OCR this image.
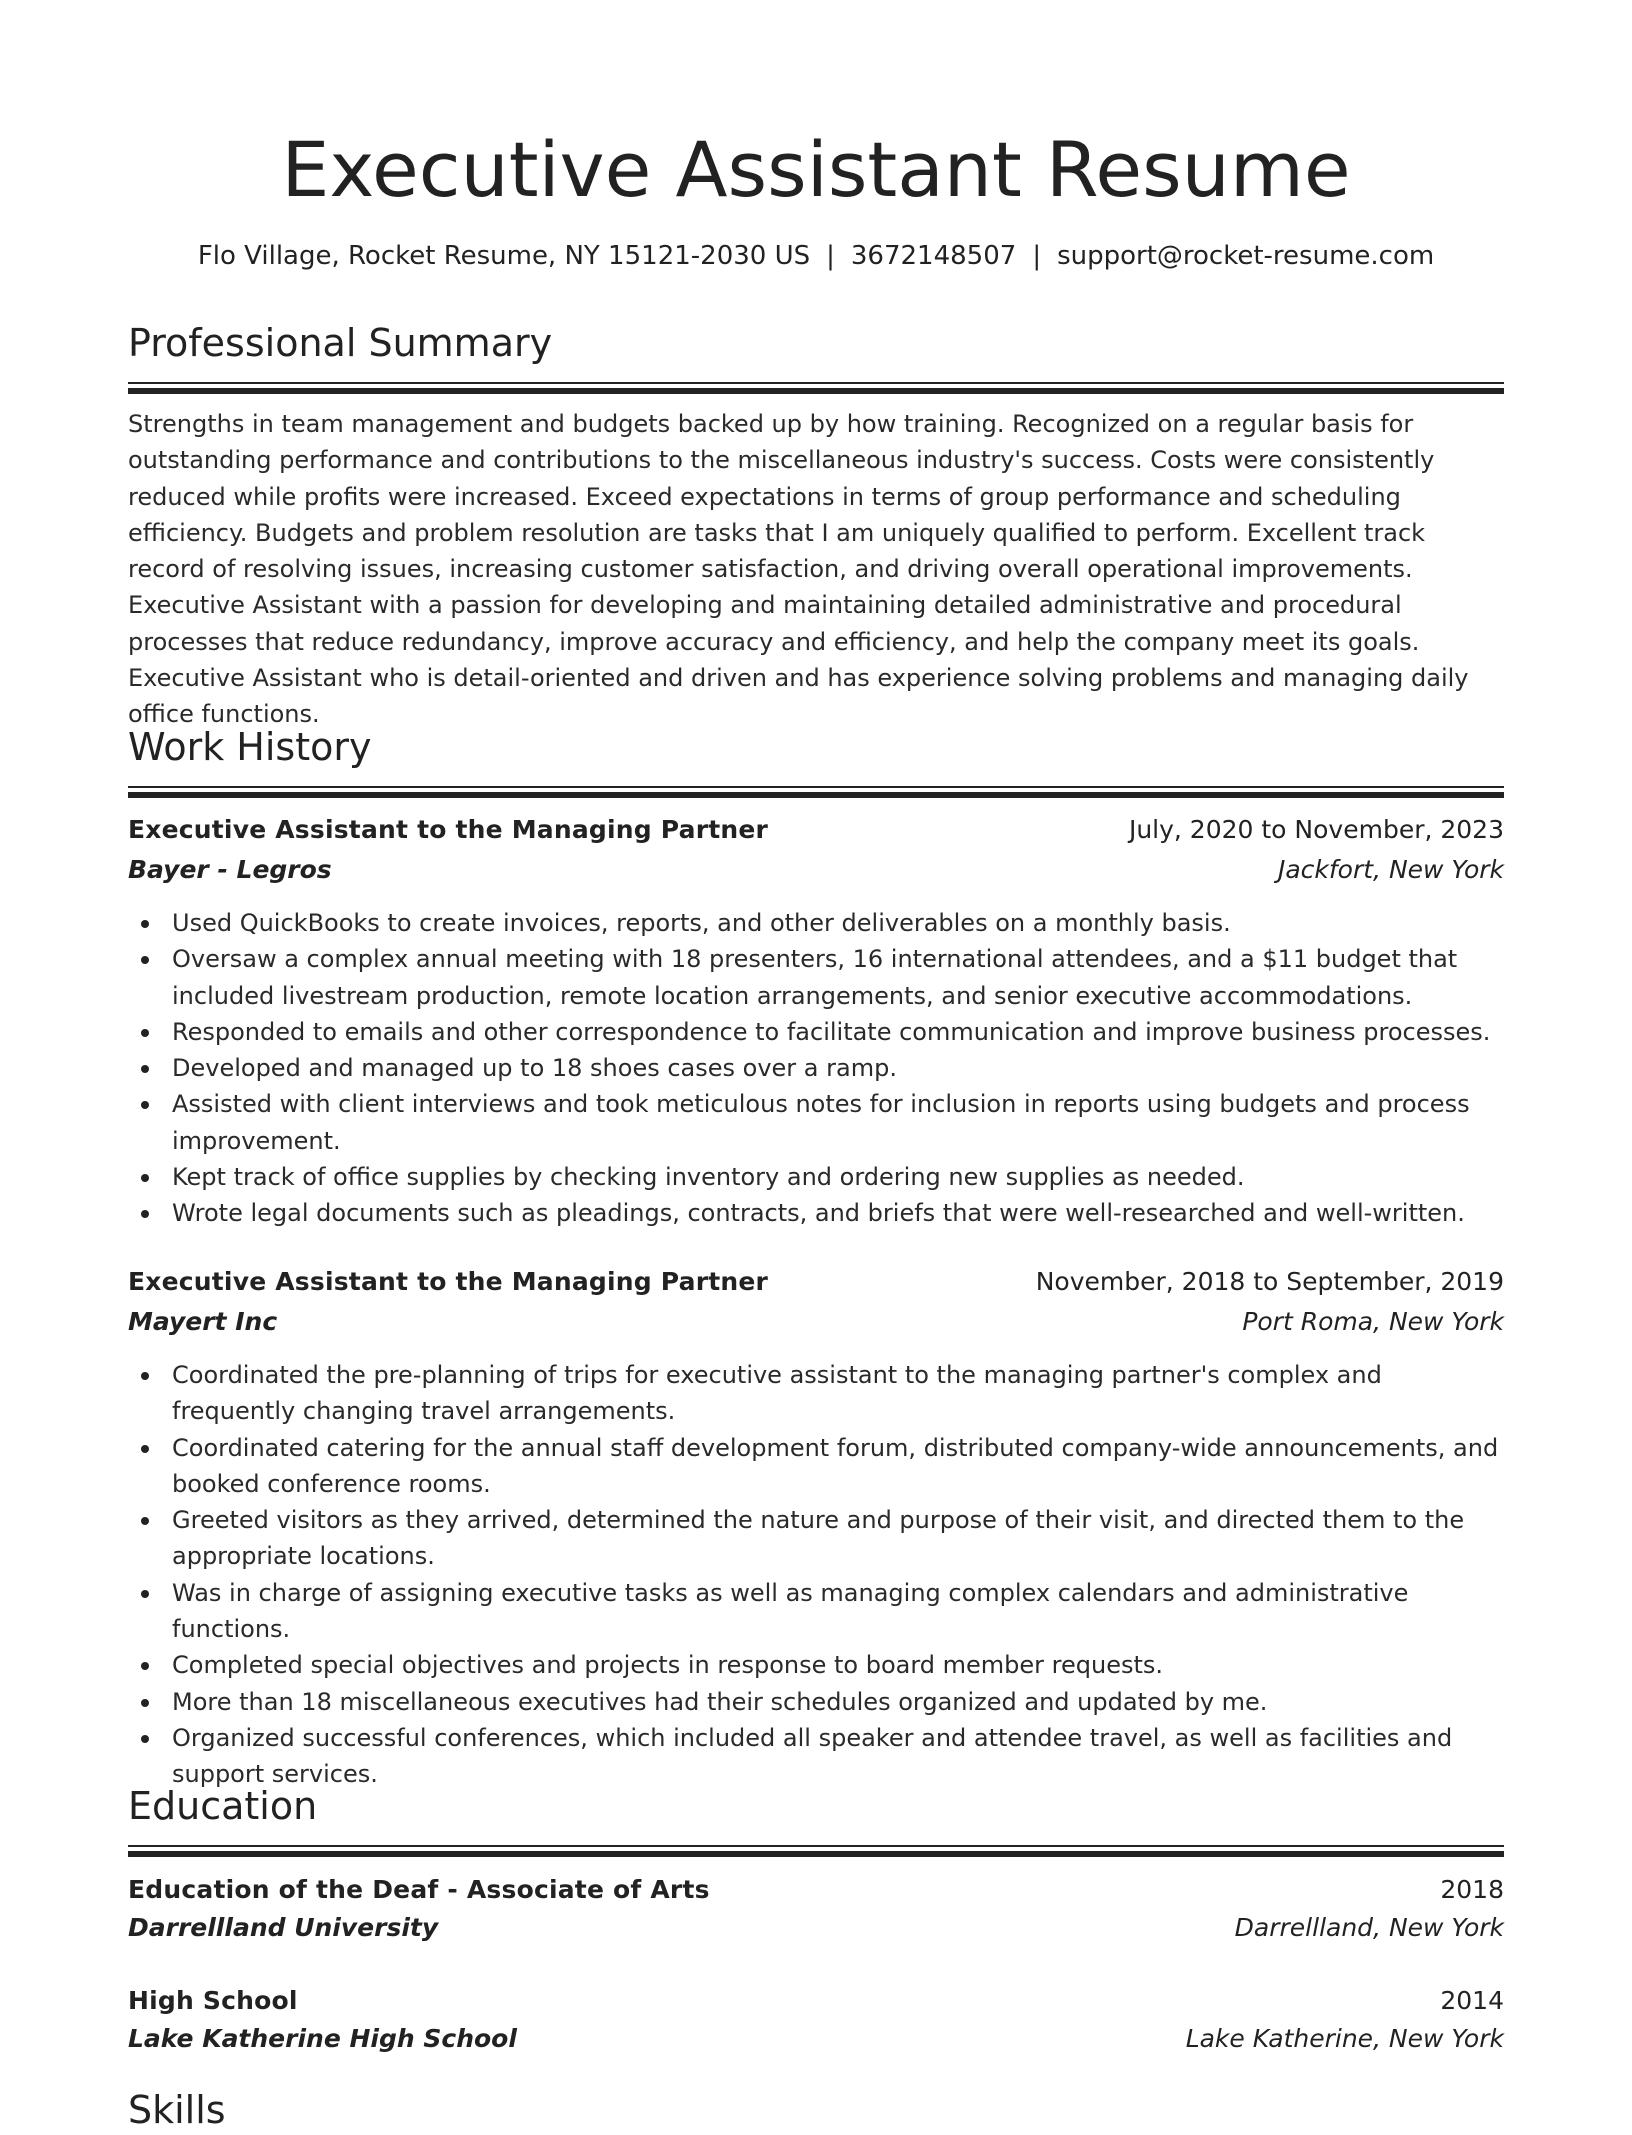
Executive Assistant Resume
Flo Village, Rocket Resume, NY 15121-2030 US | 3672148507 | support@rocket-resume.com
Professional Summary
Strengths in team management and budgets backed up by how training. Recognized on a regular basis for outstanding performance and contributions to the miscellaneous industry's success. Costs were consistently reduced while profits were increased. Exceed expectations in terms of group performance and scheduling efficiency. Budgets and problem resolution are tasks that I am uniquely qualified to perform. Excellent track record of resolving issues, increasing customer satisfaction, and driving overall operational improvements. Executive Assistant with a passion for developing and maintaining detailed administrative and procedural processes that reduce redundancy, improve accuracy and efficiency, and help the company meet its goals. Executive Assistant who is detail-oriented and driven and has experience solving problems and managing daily office functions.
Work History
Executive Assistant to the Managing Partner	July, 2020 to November, 2023
Bayer - Legros	Jackfort, New York
Used QuickBooks to create invoices, reports, and other deliverables on a monthly basis.
Oversaw a complex annual meeting with 18 presenters, 16 international attendees, and a $11 budget that included livestream production, remote location arrangements, and senior executive accommodations.
Responded to emails and other correspondence to facilitate communication and improve business processes.
Developed and managed up to 18 shoes cases over a ramp.
Assisted with client interviews and took meticulous notes for inclusion in reports using budgets and process improvement.
Kept track of office supplies by checking inventory and ordering new supplies as needed.
Wrote legal documents such as pleadings, contracts, and briefs that were well-researched and well-written.
Executive Assistant to the Managing Partner	November, 2018 to September, 2019
Mayert Inc	Port Roma, New York
Coordinated the pre-planning of trips for executive assistant to the managing partner's complex and frequently changing travel arrangements.
Coordinated catering for the annual staff development forum, distributed company-wide announcements, and booked conference rooms.
Greeted visitors as they arrived, determined the nature and purpose of their visit, and directed them to the appropriate locations.
Was in charge of assigning executive tasks as well as managing complex calendars and administrative functions.
Completed special objectives and projects in response to board member requests.
More than 18 miscellaneous executives had their schedules organized and updated by me.
Organized successful conferences, which included all speaker and attendee travel, as well as facilities and support services.
Education
Education of the Deaf - Associate of Arts	2018
Darrellland University	Darrellland, New York
High School	2014
Lake Katherine High School	Lake Katherine, New York
Skills
